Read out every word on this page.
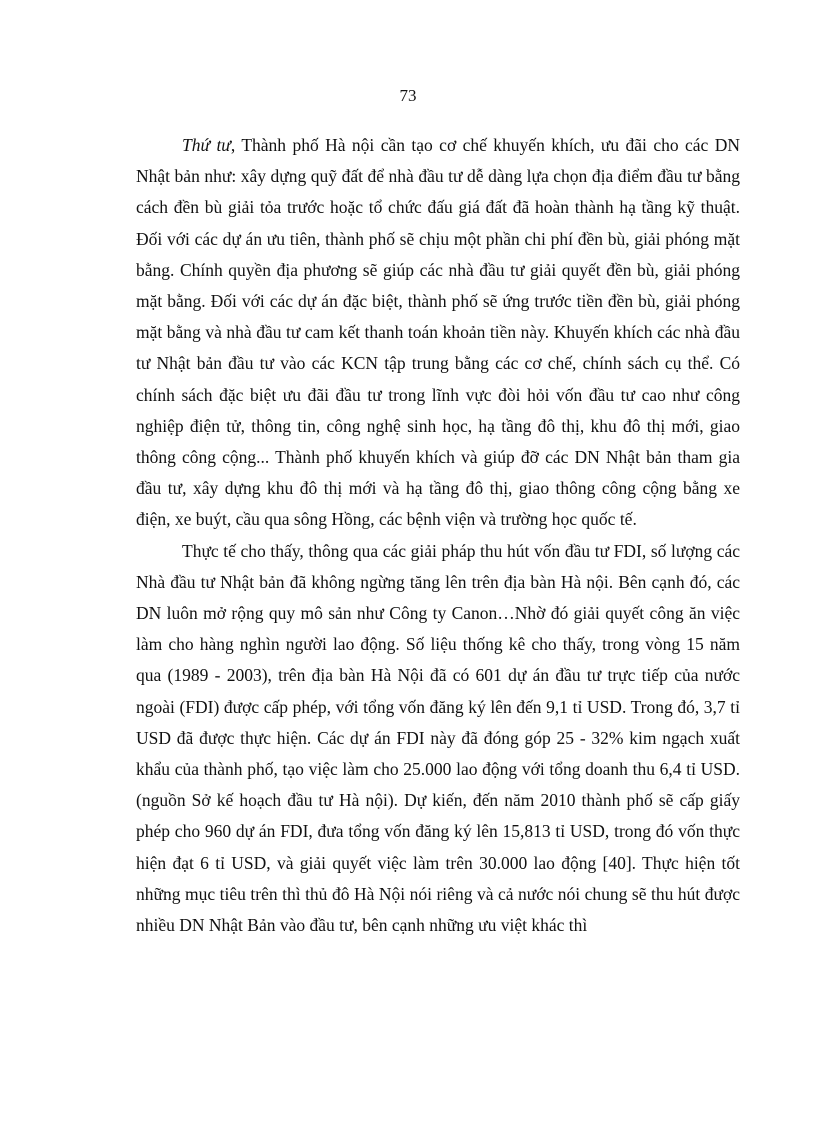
73

Thứ tư, Thành phố Hà nội cần tạo cơ chế khuyến khích, ưu đãi cho các DN Nhật bản như: xây dựng quỹ đất để nhà đầu tư dễ dàng lựa chọn địa điểm đầu tư bằng cách đền bù giải tỏa trước hoặc tổ chức đấu giá đất đã hoàn thành hạ tầng kỹ thuật. Đối với các dự án ưu tiên, thành phố sẽ chịu một phần chi phí đền bù, giải phóng mặt bằng. Chính quyền địa phương sẽ giúp các nhà đầu tư giải quyết đền bù, giải phóng mặt bằng. Đối với các dự án đặc biệt, thành phố sẽ ứng trước tiền đền bù, giải phóng mặt bằng và nhà đầu tư cam kết thanh toán khoản tiền này. Khuyến khích các nhà đầu tư Nhật bản đầu tư vào các KCN tập trung bằng các cơ chế, chính sách cụ thể. Có chính sách đặc biệt ưu đãi đầu tư trong lĩnh vực đòi hỏi vốn đầu tư cao như công nghiệp điện tử, thông tin, công nghệ sinh học, hạ tầng đô thị, khu đô thị mới, giao thông công cộng... Thành phố khuyến khích và giúp đỡ các DN Nhật bản tham gia đầu tư, xây dựng khu đô thị mới và hạ tầng đô thị, giao thông công cộng bằng xe điện, xe buýt, cầu qua sông Hồng, các bệnh viện và trường học quốc tế.

Thực tế cho thấy, thông qua các giải pháp thu hút vốn đầu tư FDI, số lượng các Nhà đầu tư Nhật bản đã không ngừng tăng lên trên địa bàn Hà nội. Bên cạnh đó, các DN luôn mở rộng quy mô sản như Công ty Canon…Nhờ đó giải quyết công ăn việc làm cho hàng nghìn người lao động. Số liệu thống kê cho thấy, trong vòng 15 năm qua (1989 - 2003), trên địa bàn Hà Nội đã có 601 dự án đầu tư trực tiếp của nước ngoài (FDI) được cấp phép, với tổng vốn đăng ký lên đến 9,1 tỉ USD. Trong đó, 3,7 tỉ USD đã được thực hiện. Các dự án FDI này đã đóng góp 25 - 32% kim ngạch xuất khẩu của thành phố, tạo việc làm cho 25.000 lao động với tổng doanh thu 6,4 tỉ USD. (nguồn Sở kế hoạch đầu tư Hà nội). Dự kiến, đến năm 2010 thành phố sẽ cấp giấy phép cho 960 dự án FDI, đưa tổng vốn đăng ký lên 15,813 tỉ USD, trong đó vốn thực hiện đạt 6 tỉ USD, và giải quyết việc làm trên 30.000 lao động [40]. Thực hiện tốt những mục tiêu trên thì thủ đô Hà Nội nói riêng và cả nước nói chung sẽ thu hút được nhiều DN Nhật Bản vào đầu tư, bên cạnh những ưu việt khác thì
